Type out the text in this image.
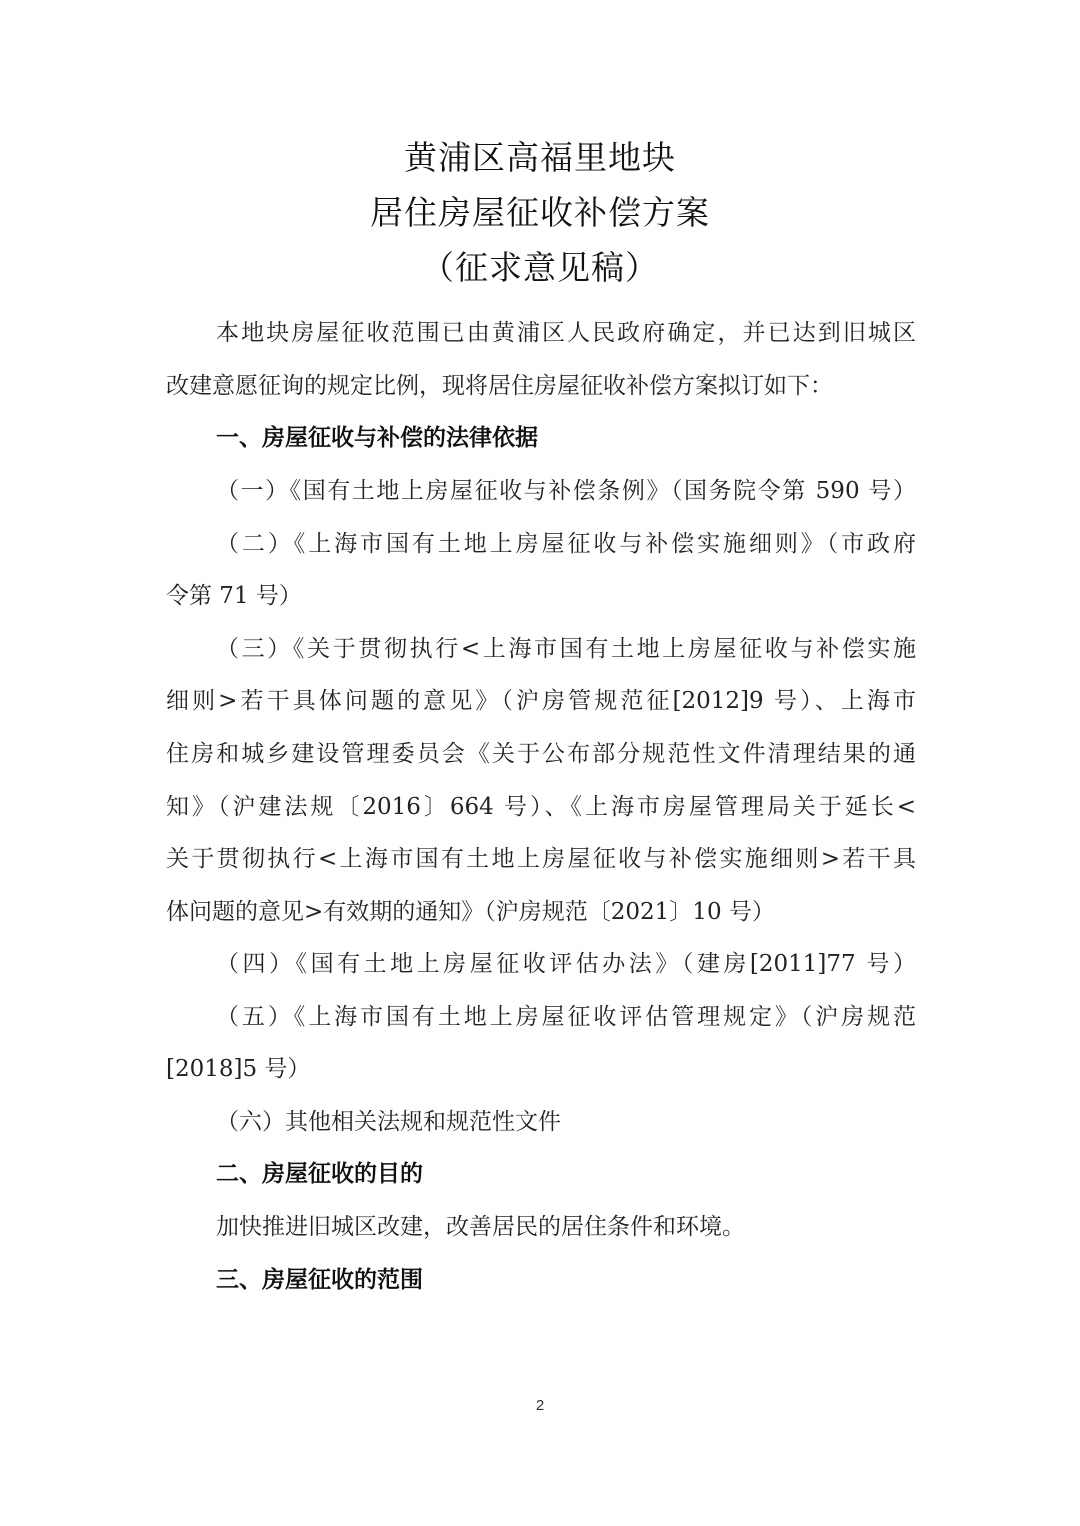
黄浦区高福里地块
居住房屋征收补偿方案
（征求意见稿）
本地块房屋征收范围已由黄浦区人民政府确定，并已达到旧城区
改建意愿征询的规定比例，现将居住房屋征收补偿方案拟订如下：
一、房屋征收与补偿的法律依据
（一）《国有土地上房屋征收与补偿条例》（国务院令第 590 号）
（二）《上海市国有土地上房屋征收与补偿实施细则》（市政府
令第 71 号）
（三）《关于贯彻执行<上海市国有土地上房屋征收与补偿实施
细则>若干具体问题的意见》（沪房管规范征[2012]9 号）、上海市
住房和城乡建设管理委员会《关于公布部分规范性文件清理结果的通
知》（沪建法规〔2016〕664 号）、《上海市房屋管理局关于延长<
关于贯彻执行<上海市国有土地上房屋征收与补偿实施细则>若干具
体问题的意见>有效期的通知》（沪房规范〔2021〕10 号）
（四）《国有土地上房屋征收评估办法》（建房[2011]77 号）
（五）《上海市国有土地上房屋征收评估管理规定》（沪房规范
[2018]5 号）
（六）其他相关法规和规范性文件
二、房屋征收的目的
加快推进旧城区改建，改善居民的居住条件和环境。
三、房屋征收的范围
2
